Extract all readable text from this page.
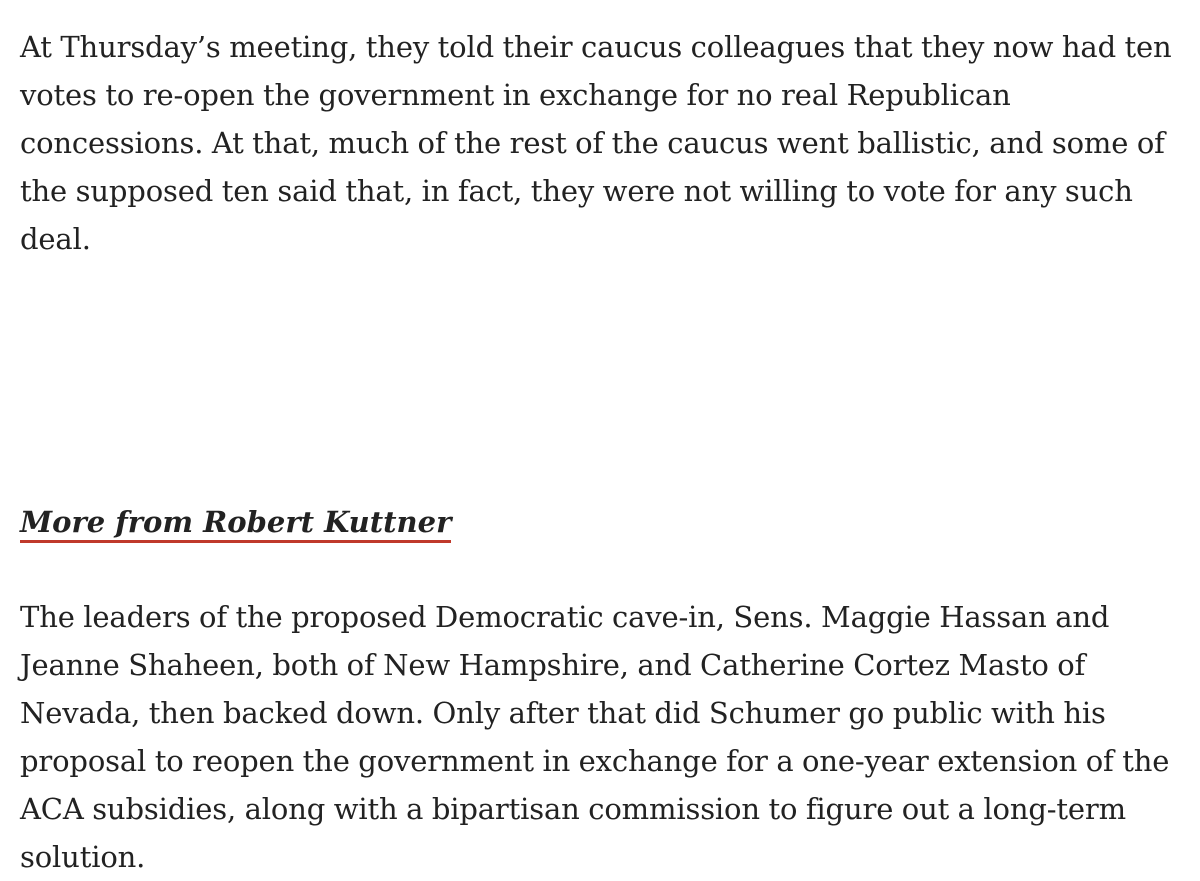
At Thursday’s meeting, they told their caucus colleagues that they now had ten votes to re-open the government in exchange for no real Republican concessions. At that, much of the rest of the caucus went ballistic, and some of the supposed ten said that, in fact, they were not willing to vote for any such deal.

More from Robert Kuttner

The leaders of the proposed Democratic cave-in, Sens. Maggie Hassan and Jeanne Shaheen, both of New Hampshire, and Catherine Cortez Masto of Nevada, then backed down. Only after that did Schumer go public with his proposal to reopen the government in exchange for a one-year extension of the ACA subsidies, along with a bipartisan commission to figure out a long-term solution.
